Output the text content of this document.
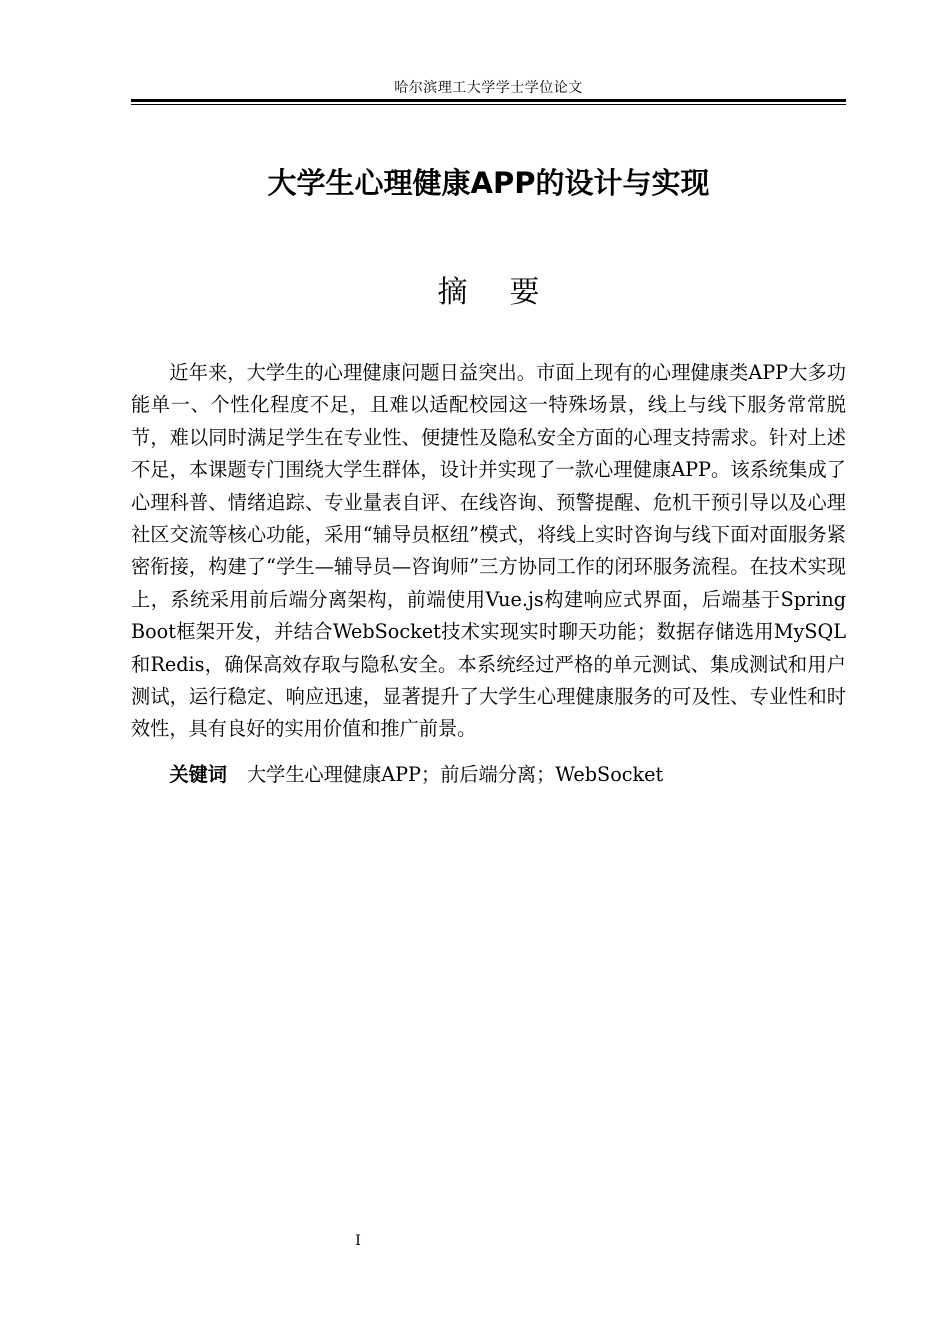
哈尔滨理工大学学士学位论文
大学生心理健康APP的设计与实现
摘 要

近年来，大学生的心理健康问题日益突出。市面上现有的心理健康类APP大多功能单一、个性化程度不足，且难以适配校园这一特殊场景，线上与线下服务常常脱节，难以同时满足学生在专业性、便捷性及隐私安全方面的心理支持需求。针对上述不足，本课题专门围绕大学生群体，设计并实现了一款心理健康APP。该系统集成了心理科普、情绪追踪、专业量表自评、在线咨询、预警提醒、危机干预引导以及心理社区交流等核心功能，采用“辅导员枢纽”模式，将线上实时咨询与线下面对面服务紧密衔接，构建了“学生—辅导员—咨询师”三方协同工作的闭环服务流程。在技术实现上，系统采用前后端分离架构，前端使用Vue.js构建响应式界面，后端基于Spring Boot框架开发，并结合WebSocket技术实现实时聊天功能；数据存储选用MySQL和Redis，确保高效存取与隐私安全。本系统经过严格的单元测试、集成测试和用户测试，运行稳定、响应迅速，显著提升了大学生心理健康服务的可及性、专业性和时效性，具有良好的实用价值和推广前景。

关键词 大学生心理健康APP；前后端分离；WebSocket
I
